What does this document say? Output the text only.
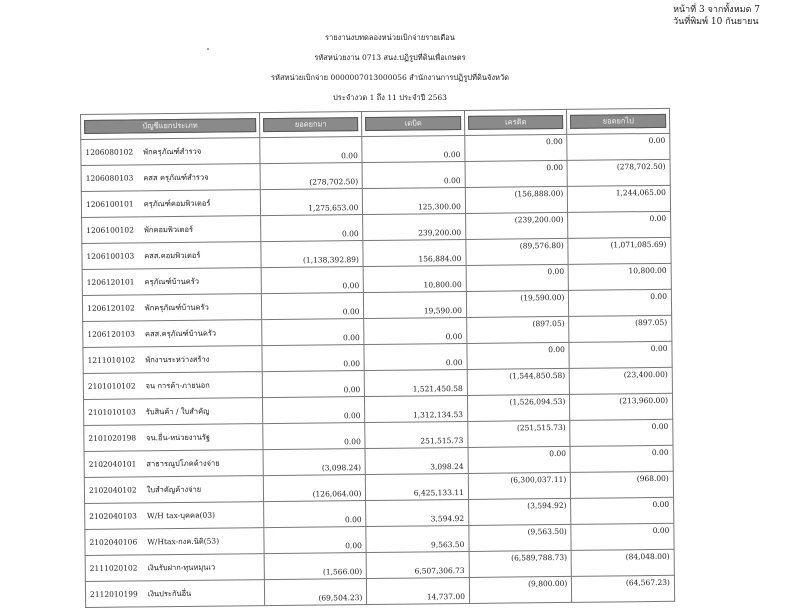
หน้าที่ 3 จากทั้งหมด 7
วันที่พิมพ์ 10 กันยายน
รายงานงบทดลองหน่วยเบิกจ่ายรายเดือน
รหัสหน่วยงาน 0713 สนง.ปฏิรูปที่ดินเพื่อเกษตร
รหัสหน่วยเบิกจ่าย 0000007013000056 สำนักงานการปฏิรูปที่ดินจังหวัด
ประจำงวด 1 ถึง 11 ประจำปี 2563
บัญชีแยกประเภท		ยอดยกมา	เดบิต	เครดิต	ยอดยกไป

1206080102	พักครุภัณฑ์สำรวจ	0.00	0.00	0.00	0.00
1206080103	คสส ครุภัณฑ์สำรวจ	(278,702.50)	0.00	0.00	(278,702.50)
1206100101	ครุภัณฑ์คอมพิวเตอร์	1,275,653.00	125,300.00	(156,888.00)	1,244,065.00
1206100102	พักคอมพิวเตอร์	0.00	239,200.00	(239,200.00)	0.00
1206100103	คสส.คอมพิวเตอร์	(1,138,392.89)	156,884.00	(89,576.80)	(1,071,085.69)
1206120101	ครุภัณฑ์บ้านครัว	0.00	10,800.00	0.00	10,800.00
1206120102	พักครุภัณฑ์บ้านครัว	0.00	19,590.00	(19,590.00)	0.00
1206120103	คสส.ครุภัณฑ์บ้านครัว	0.00	0.00	(897.05)	(897.05)
1211010102	พักงานระหว่างสร้าง	0.00	0.00	0.00	0.00
2101010102	จน การค้า-ภายนอก	0.00	1,521,450.58	(1,544,850.58)	(23,400.00)
2101010103	รับสินค้า / ใบสำคัญ	0.00	1,312,134.53	(1,526,094.53)	(213,960.00)
2101020198	จน.อื่น-หน่วยงานรัฐ	0.00	251,515.73	(251,515.73)	0.00
2102040101	สาธารณูปโภคค้างจ่าย	(3,098.24)	3,098.24	0.00	0.00
2102040102	ใบสำคัญค้างจ่าย	(126,064.00)	6,425,133.11	(6,300,037.11)	(968.00)
2102040103	W/H tax-บุคคล(03)	0.00	3,594.92	(3,594.92)	0.00
2102040106	W/Htax-กงค.นิติ(53)	0.00	9,563.50	(9,563.50)	0.00
2111020102	เงินรับฝาก-ทุนหมุนเว	(1,566.00)	6,507,306.73	(6,589,788.73)	(84,048.00)
2112010199	เงินประกันอื่น	(69,504.23)	14,737.00	(9,800.00)	(64,567.23)
